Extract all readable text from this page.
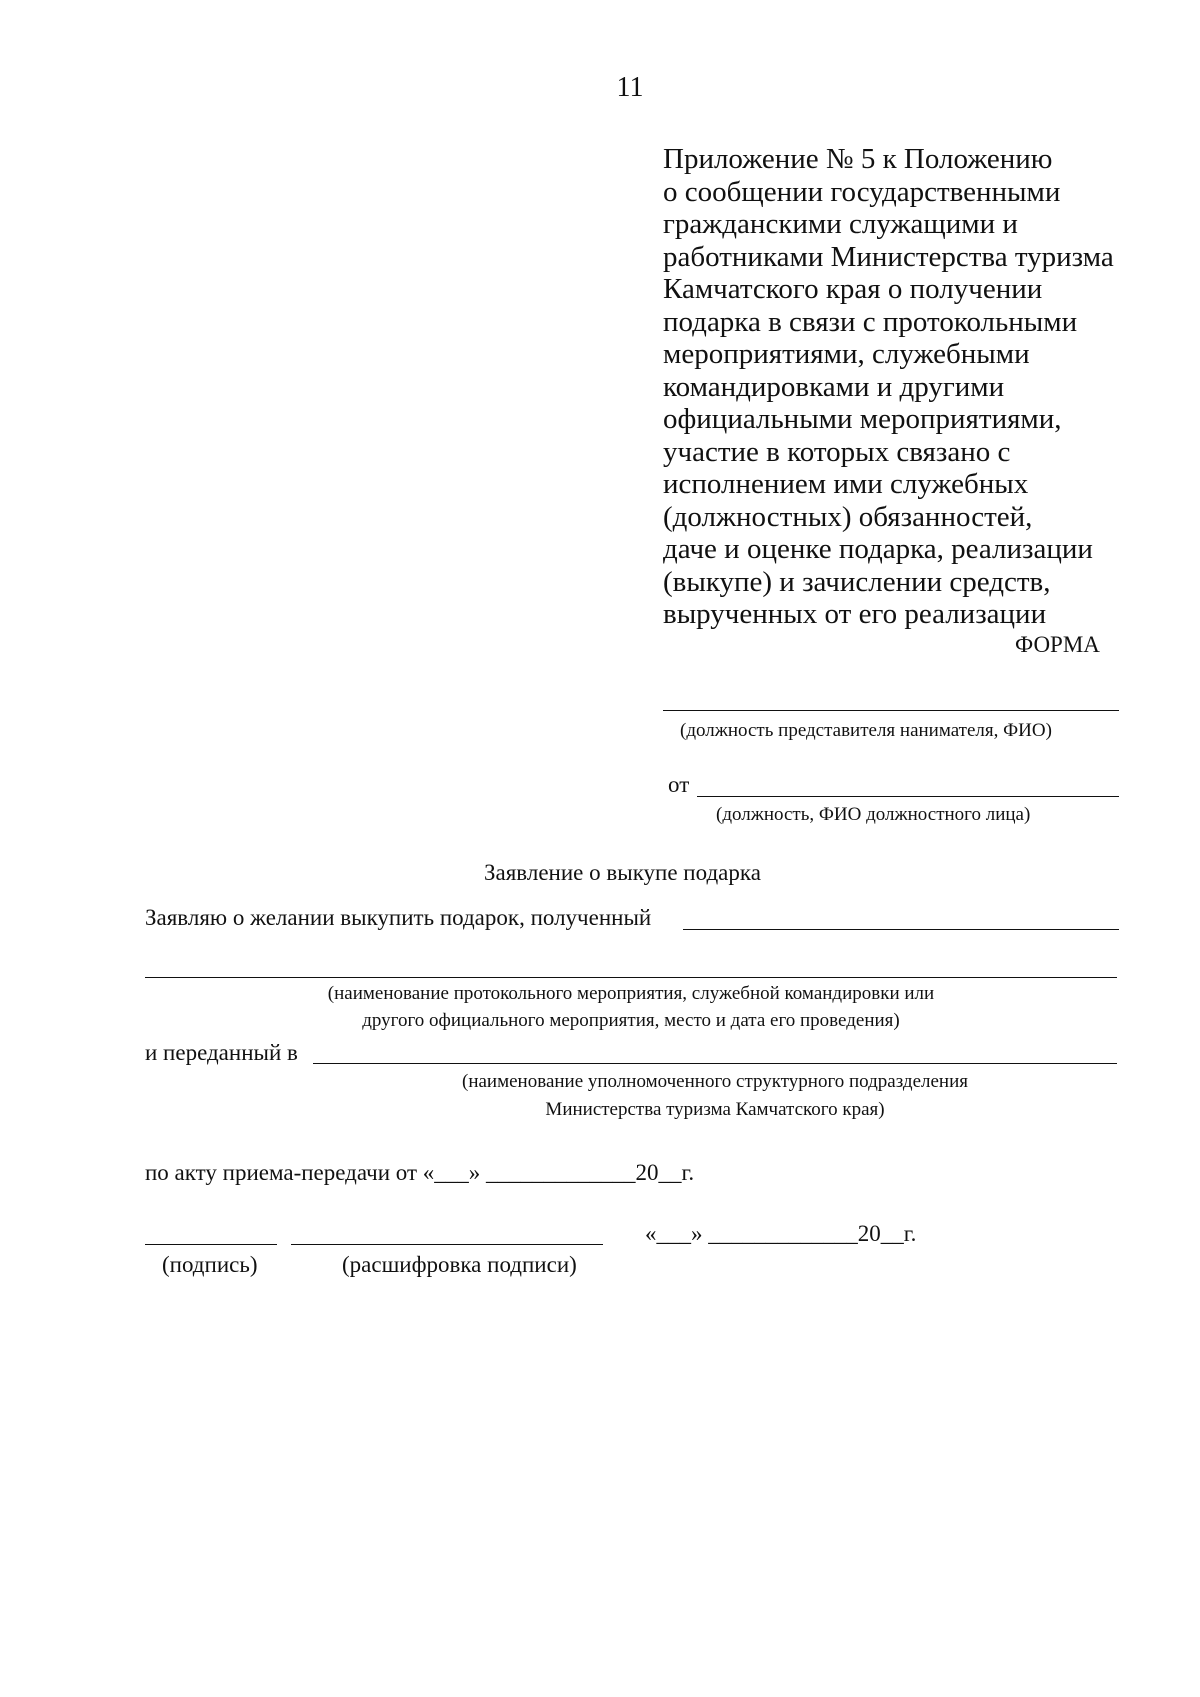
11
Приложение № 5 к Положению
о сообщении государственными
гражданскими служащими и
работниками Министерства туризма
Камчатского края о получении
подарка в связи с протокольными
мероприятиями, служебными
командировками и другими
официальными мероприятиями,
участие в которых связано с
исполнением ими служебных
(должностных) обязанностей,
даче и оценке подарка, реализации
(выкупе) и зачислении средств,
вырученных от его реализации
ФОРМА
(должность представителя нанимателя, ФИО)
от
(должность, ФИО должностного лица)
Заявление о выкупе подарка
Заявляю о желании выкупить подарок, полученный
(наименование протокольного мероприятия, служебной командировки или
другого официального мероприятия, место и дата его проведения)
и переданный в
(наименование уполномоченного структурного подразделения
Министерства туризма Камчатского края)
по акту приема-передачи от «___» _____________20__г.
«___» _____________20__г.
(подпись)	(расшифровка подписи)
